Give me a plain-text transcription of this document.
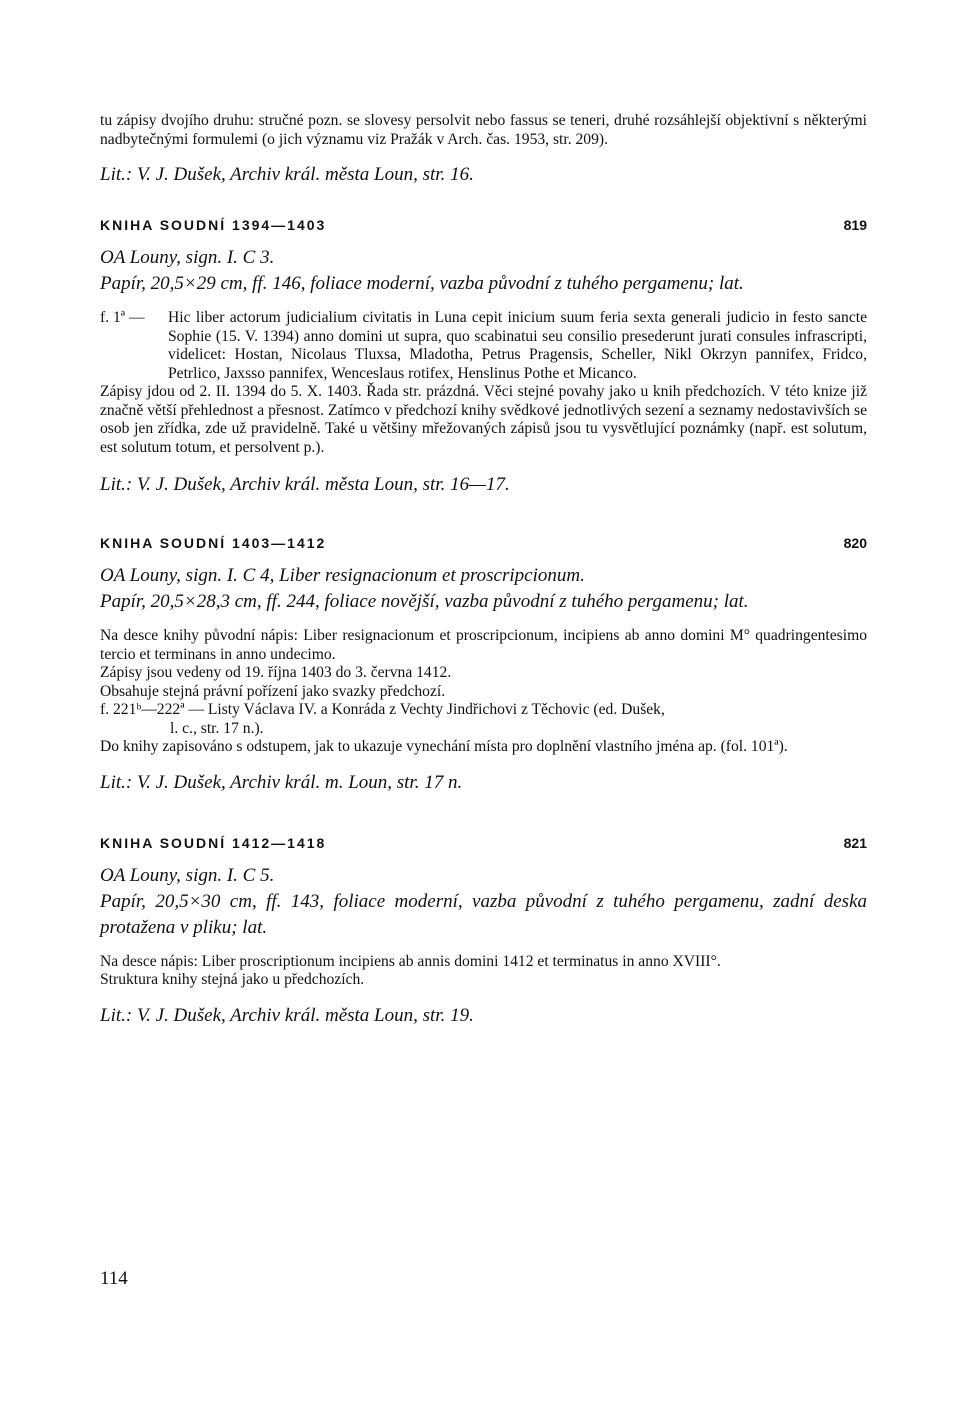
tu zápisy dvojího druhu: stručné pozn. se slovesy persolvit nebo fassus se teneri, druhé rozsáhlejší objektivní s některými nadbytečnými formulemi (o jich významu viz Pražák v Arch. čas. 1953, str. 209).

Lit.: V. J. Dušek, Archiv král. města Loun, str. 16.

KNIHA SOUDNÍ 1394—1403	819

OA Louny, sign. I. C 3.

Papír, 20,5×29 cm, ff. 146, foliace moderní, vazba původní z tuhého pergamenu; lat.

f. 1ª —	Hic liber actorum judicialium civitatis in Luna cepit inicium suum feria sexta generali judicio in festo sancte Sophie (15. V. 1394) anno domini ut supra, quo scabinatui seu consilio presederunt jurati consules infrascripti, videlicet: Hostan, Nicolaus Tluxsa, Mladotha, Petrus Pragensis, Scheller, Nikl Okrzyn pannifex, Fridco, Petrlico, Jaxsso pannifex, Wenceslaus rotifex, Henslinus Pothe et Micanco.

Zápisy jdou od 2. II. 1394 do 5. X. 1403. Řada str. prázdná. Věci stejné povahy jako u knih předchozích. V této knize již značně větší přehlednost a přesnost. Zatímco v předchozí knihy svědkové jednotlivých sezení a seznamy nedostavivších se osob jen zřídka, zde už pravidelně. Také u většiny mřežovaných zápisů jsou tu vysvětlující poznámky (např. est solutum, est solutum totum, et persolvent p.).

Lit.: V. J. Dušek, Archiv král. města Loun, str. 16—17.

KNIHA SOUDNÍ 1403—1412	820

OA Louny, sign. I. C 4, Liber resignacionum et proscripcionum.

Papír, 20,5×28,3 cm, ff. 244, foliace novější, vazba původní z tuhého pergamenu; lat.

Na desce knihy původní nápis: Liber resignacionum et proscripcionum, incipiens ab anno domini M° quadringentesimo tercio et terminans in anno undecimo.

Zápisy jsou vedeny od 19. října 1403 do 3. června 1412.

Obsahuje stejná právní pořízení jako svazky předchozí.

f. 221ᵇ—222ª — Listy Václava IV. a Konráda z Vechty Jindřichovi z Těchovic (ed. Dušek,

l. c., str. 17 n.).

Do knihy zapisováno s odstupem, jak to ukazuje vynechání místa pro doplnění vlastního jména ap. (fol. 101ª).

Lit.: V. J. Dušek, Archiv král. m. Loun, str. 17 n.

KNIHA SOUDNÍ 1412—1418	821

OA Louny, sign. I. C 5.

Papír, 20,5×30 cm, ff. 143, foliace moderní, vazba původní z tuhého pergamenu, zadní deska protažena v pliku; lat.

Na desce nápis: Liber proscriptionum incipiens ab annis domini 1412 et terminatus in anno XVIII°.

Struktura knihy stejná jako u předchozích.

Lit.: V. J. Dušek, Archiv král. města Loun, str. 19.

114
